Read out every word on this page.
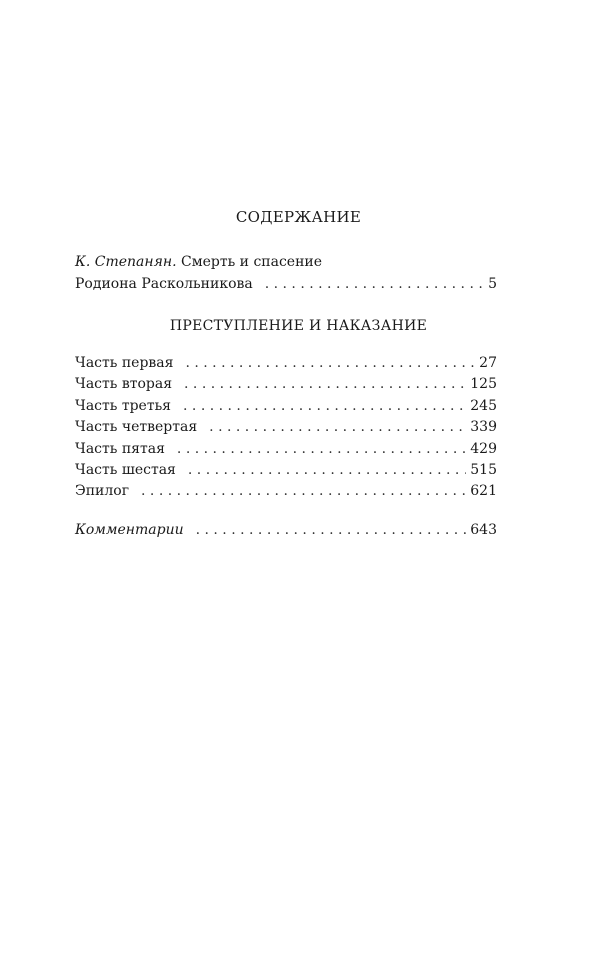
СОДЕРЖАНИЕ
К. Степанян. Смерть и спасение
Родиона Раскольникова . . .	5
ПРЕСТУПЛЕНИЕ И НАКАЗАНИЕ
Часть первая . . .	27
Часть вторая . . .	125
Часть третья . . .	245
Часть четвертая . . .	339
Часть пятая . . .	429
Часть шестая . . .	515
Эпилог . . .	621
Комментарии . . .	643
